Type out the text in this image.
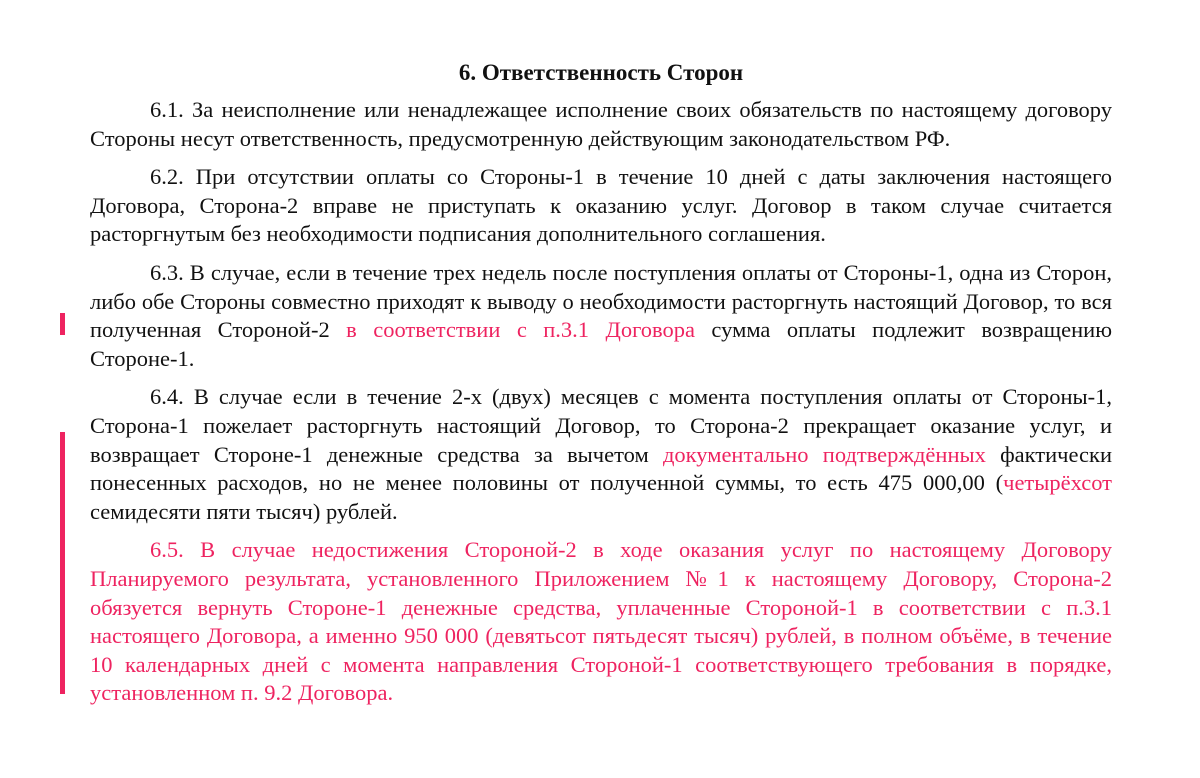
6. Ответственность Сторон

6.1. За неисполнение или ненадлежащее исполнение своих обязательств по настоящему договору Стороны несут ответственность, предусмотренную действующим законодательством РФ.

6.2. При отсутствии оплаты со Стороны-1 в течение 10 дней с даты заключения настоящего Договора, Сторона-2 вправе не приступать к оказанию услуг. Договор в таком случае считается расторгнутым без необходимости подписания дополнительного соглашения.

6.3. В случае, если в течение трех недель после поступления оплаты от Стороны-1, одна из Сторон, либо обе Стороны совместно приходят к выводу о необходимости расторгнуть настоящий Договор, то вся полученная Стороной-2 в соответствии с п.3.1 Договора сумма оплаты подлежит возвращению Стороне-1.

6.4. В случае если в течение 2-х (двух) месяцев с момента поступления оплаты от Стороны-1, Сторона-1 пожелает расторгнуть настоящий Договор, то Сторона-2 прекращает оказание услуг, и возвращает Стороне-1 денежные средства за вычетом документально подтверждённых фактически понесенных расходов, но не менее половины от полученной суммы, то есть 475 000,00 (четырёхсот семидесяти пяти тысяч) рублей.

6.5. В случае недостижения Стороной-2 в ходе оказания услуг по настоящему Договору Планируемого результата, установленного Приложением №1 к настоящему Договору, Сторона-2 обязуется вернуть Стороне-1 денежные средства, уплаченные Стороной-1 в соответствии с п.3.1 настоящего Договора, а именно 950 000 (девятьсот пятьдесят тысяч) рублей, в полном объёме, в течение 10 календарных дней с момента направления Стороной-1 соответствующего требования в порядке, установленном п. 9.2 Договора.
